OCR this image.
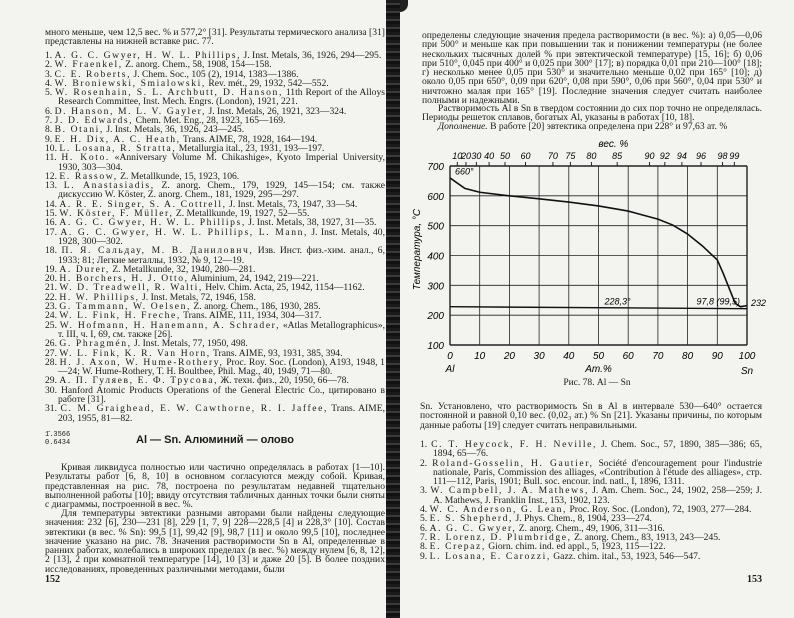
много меньше, чем 12,5 вес. % и 577,2° [31]. Результаты термического анализа [31] представлены на нижней вставке рис. 77.
1. A. G. C. Gwyer, H. W. L. Phillips, J. Inst. Metals, 36, 1926, 294—295.
2. W. Fraenkel, Z. anorg. Chem., 58, 1908, 154—158.
3. C. E. Roberts, J. Chem. Soc., 105 (2), 1914, 1383—1386.
4. W. Broniewski, Smialowski, Rev. mét., 29, 1932, 542—552.
5. W. Rosenhain, S. L. Archbutt, D. Hanson, 11th Report of the Alloys Research Committee, Inst. Mech. Engrs. (London), 1921, 221.
6. D. Hanson, M. L. V. Gayler, J. Inst. Metals, 26, 1921, 323—324.
7. J. D. Edwards, Chem. Met. Eng., 28, 1923, 165—169.
8. B. Otani, J. Inst. Metals, 36, 1926, 243—245.
9. E. H. Dix, A. C. Heath, Trans. AIME, 78, 1928, 164—194.
10. L. Losana, R. Stratta, Metallurgia ital., 23, 1931, 193—197.
11. H. Koto. «Anniversary Volume M. Chikashige», Kyoto Imperial University, 1930, 303—304.
12. E. Rassow, Z. Metallkunde, 15, 1923, 106.
13. L. Anastasiadis, Z. anorg. Chem., 179, 1929, 145—154; см. также дискуссию W. Köster, Z. anorg. Chem., 181, 1929, 295—297.
14. A. R. E. Singer, S. A. Cottrell, J. Inst. Metals, 73, 1947, 33—54.
15. W. Köster, F. Müller, Z. Metallkunde, 19, 1927, 52—55.
16. A. G. C. Gwyer, H. W. L. Phillips, J. Inst. Metals, 38, 1927, 31—35.
17. A. G. C. Gwyer, H. W. L. Phillips, L. Mann, J. Inst. Metals, 40, 1928, 300—302.
18. П. Я. Сальдау, М. В. Даниловнч, Изв. Инст. физ.-хим. анал., 6, 1933; 81; Легкие металлы, 1932, № 9, 12—19.
19. A. Durer, Z. Metallkunde, 32, 1940, 280—281.
20. H. Borchers, H. J. Otto, Aluminium, 24, 1942, 219—221.
21. W. D. Treadwell, R. Walti, Helv. Chim. Acta, 25, 1942, 1154—1162.
22. H. W. Phillips, J. Inst. Metals, 72, 1946, 158.
23. G. Tammann, W. Oelsen, Z. anorg. Chem., 186, 1930, 285.
24. W. L. Fink, H. Freche, Trans. AIME, 111, 1934, 304—317.
25. W. Hofmann, H. Hanemann, A. Schrader, «Atlas Metallographicus», т. III, ч. I, 69, см. также [26].
26. G. Phragmén, J. Inst. Metals, 77, 1950, 498.
27. W. L. Fink, K. R. Van Horn, Trans. AIME, 93, 1931, 385, 394.
28. H. J. Axon, W. Hume-Rothery, Proc. Roy. Soc. (London), A193, 1948, 1—24; W. Hume-Rothery, T. H. Boultbee, Phil. Mag., 40, 1949, 71—80.
29. А. П. Гуляев, Е. Ф. Трусова, Ж. техн. физ., 20, 1950, 66—78.
30. Hanford Atomic Products Operations of the General Electric Co., цитировано в работе [31].
31. C. M. Graighead, E. W. Cawthorne, R. I. Jaffee, Trans. AIME, 203, 1955, 81—82.
1̄.3566
0.6434	Al — Sn. Алюминий — олово
Кривая ликвидуса полностью или частично определялась в работах [1—10]. Результаты работ [6, 8, 10] в основном согласуются между собой. Кривая, представленная на рис. 78, построена по результатам недавней тщательно выполненной работы [10]; ввиду отсутствия табличных данных точки были сняты с диаграммы, построенной в вес. %.
Для температуры эвтектики разными авторами были найдены следующие значения: 232 [6], 230—231 [8], 229 [1, 7, 9] 228—228,5 [4] и 228,3° [10]. Состав эвтектики (в вес. % Sn): 99,5 [1], 99,42 [9], 98,7 [11] и около 99,5 [10], последнее значение указано на рис. 78. Значения растворимости Sn в Al, определенные в ранних работах, колебались в широких пределах (в вес. %) между нулем [6, 8, 12], 2 [13], 2 при комнатной температуре [14], 10 [3] и даже 20 [5]. В более поздних исследованиях, проведенных различными методами, были
152
определены следующие значения предела растворимости (в вес. %): а) 0,05—0,06 при 500° и меньше как при повышении так и понижении температуры (не более нескольких тысячных долей % при эвтектической температуре) [15, 16]; б) 0,06 при 510°, 0,045 при 400° и 0,025 при 300° [17]; в) порядка 0,01 при 210—100° [18]; г) несколько менее 0,05 при 530° и значительно меньше 0,02 при 165° [10]; д) около 0,05 при 650°, 0,09 при 620°, 0,08 при 590°, 0,06 при 560°, 0,04 при 530° и ничтожно малая при 165° [19]. Последние значения следует считать наиболее полными и надежными.
Растворимость Al в Sn в твердом состоянии до сих пор точно не определялась. Периоды решеток сплавов, богатых Al, указаны в работах [10, 18].
Дополнение. В работе [20] эвтектика определена при 228° и 97,63 ат. %
0 10 20 30 40 50 60 70 80 90 100
100
200
300
400
500
600
700
10
20 30 40 50 60 70 75 80 85 90 92 94 96 98 99
вес. %
Ат.%
Al	Sn
Температура, °C
660°
228,3°	97,8 (99,5) 232
Рис. 78. Al — Sn
Sn. Установлено, что растворимость Sn в Al в интервале 530—640° остается постоянной и равной 0,10 вес. (0,02₃ ат.) % Sn [21]. Указаны причины, по которым данные работы [19] следует считать неправильными.
1. C. T. Heycock, F. H. Neville, J. Chem. Soc., 57, 1890, 385—386; 65, 1894, 65—76.
2. Roland-Gosselin, H. Gautier, Société d'encouragement pour l'industrie nationale, Paris, Commission des alliages, «Contribution à l'étude des alliages», стр. 111—112, Paris, 1901; Bull. soc. encour. ind. natl., I, 1896, 1311.
3. W. Campbell, J. A. Mathews, J. Am. Chem. Soc., 24, 1902, 258—259; J. A. Mathews, J. Franklin Inst., 153, 1902, 123.
4. W. C. Anderson, G. Lean, Proc. Roy. Soc. (London), 72, 1903, 277—284.
5. E. S. Shepherd, J. Phys. Chem., 8, 1904, 233—274.
6. A. G. C. Gwyer, Z. anorg. Chem., 49, 1906, 311—316.
7. R. Lorenz, D. Plumbridge, Z. anorg. Chem., 83, 1913, 243—245.
8. E. Crepaz, Giorn. chim. ind. ed appl., 5, 1923, 115—122.
9. L. Losana, E. Carozzi, Gazz. chim. ital., 53, 1923, 546—547.
153
